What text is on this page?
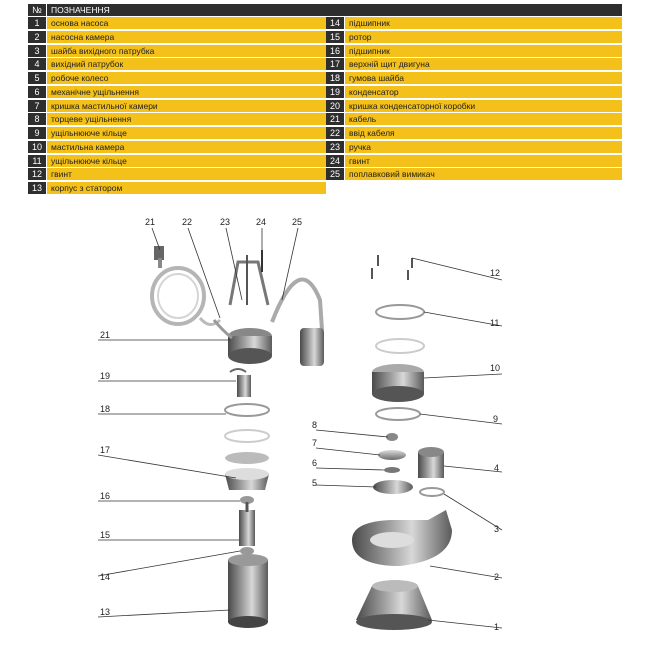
№	ПОЗНАЧЕННЯ
1	основа насоса
2	насосна камера
3	шайба вихідного патрубка
4	вихідний патрубок
5	робоче колесо
6	механічне ущільнення
7	кришка мастильної камери
8	торцеве ущільнення
9	ущільнююче кільце
10	мастильна камера
11	ущільнююче кільце
12	гвинт
13	корпус з статором
14	підшипник
15	ротор
16	підшипник
17	верхній щит двигуна
18	гумова шайба
19	конденсатор
20	кришка конденсаторної коробки
21	кабель
22	ввід кабеля
23	ручка
24	гвинт
25	поплавковий вимикач
21	22	23	24	25
21
19
18
17
16
15
14
13
12
11
10
9
8
7
6
5
4
3
2
1
